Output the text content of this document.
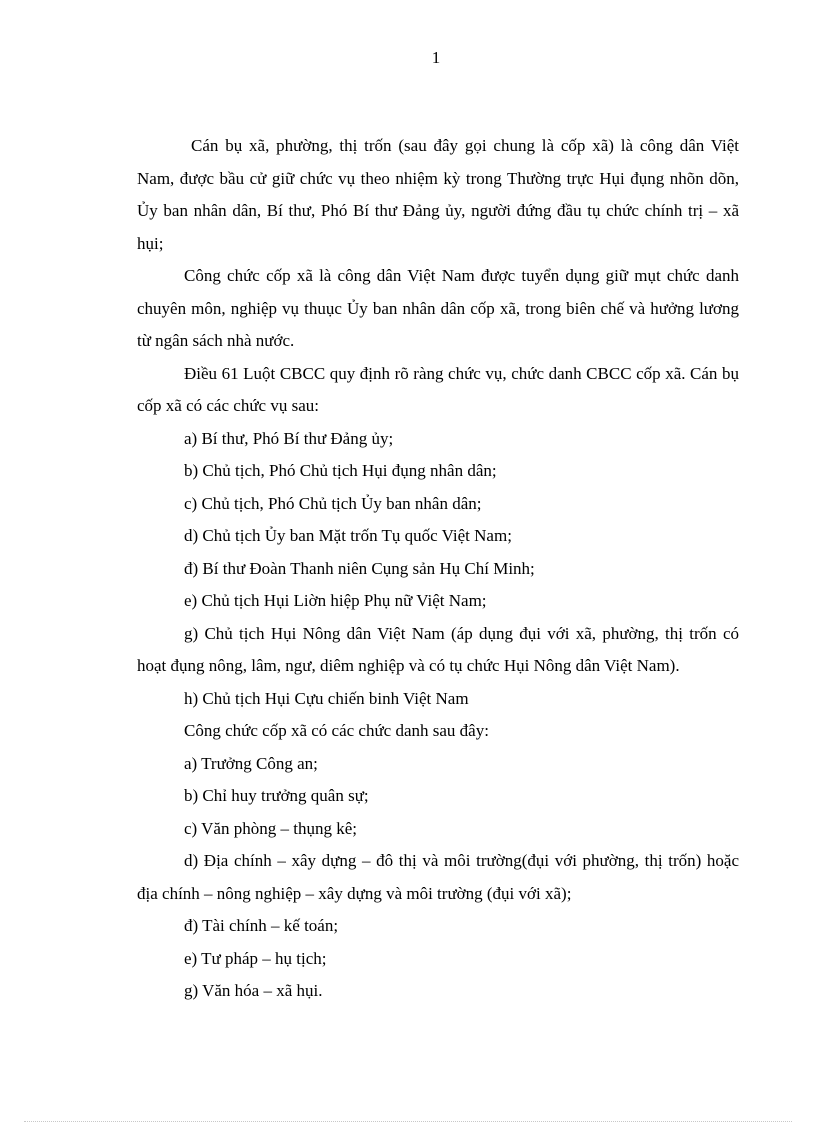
1

Cán bụ xã, phường, thị trốn (sau đây gọi chung là cốp xã) là công dân Việt Nam, được bầu cử giữ chức vụ theo nhiệm kỳ trong Thường trực Hụi đụng nhõn dõn, Ủy ban nhân dân, Bí thư, Phó Bí thư Đảng ủy, người đứng đầu tụ chức chính trị – xã hụi;

Công chức cốp xã là công dân Việt Nam được tuyển dụng giữ mụt chức danh chuyên môn, nghiệp vụ thuục Ủy ban nhân dân cốp xã, trong biên chế và hưởng lương từ ngân sách nhà nước.

Điều 61 Luột CBCC quy định rõ ràng chức vụ, chức danh CBCC cốp xã. Cán bụ cốp xã có các chức vụ sau:

a) Bí thư, Phó Bí thư Đảng ủy;

b) Chủ tịch, Phó Chủ tịch Hụi đụng nhân dân;

c) Chủ tịch, Phó Chủ tịch Ủy ban nhân dân;

d) Chủ tịch Ủy ban Mặt trốn Tụ quốc Việt Nam;

đ) Bí thư Đoàn Thanh niên Cụng sản Hụ Chí Minh;

e) Chủ tịch Hụi Liờn hiệp Phụ nữ Việt Nam;

g) Chủ tịch Hụi Nông dân Việt Nam (áp dụng đụi với xã, phường, thị trốn có hoạt đụng nông, lâm, ngư, diêm nghiệp và có tụ chức Hụi Nông dân Việt Nam).

h) Chủ tịch Hụi Cựu chiến binh Việt Nam

Công chức cốp xã có các chức danh sau đây:

a) Trưởng Công an;

b) Chỉ huy trưởng quân sự;

c) Văn phòng – thụng kê;

d) Địa chính – xây dựng – đô thị và môi trường(đụi với phường, thị trốn) hoặc địa chính – nông nghiệp – xây dựng và môi trường (đụi với xã);

đ) Tài chính – kế toán;

e) Tư pháp – hụ tịch;

g) Văn hóa – xã hụi.
